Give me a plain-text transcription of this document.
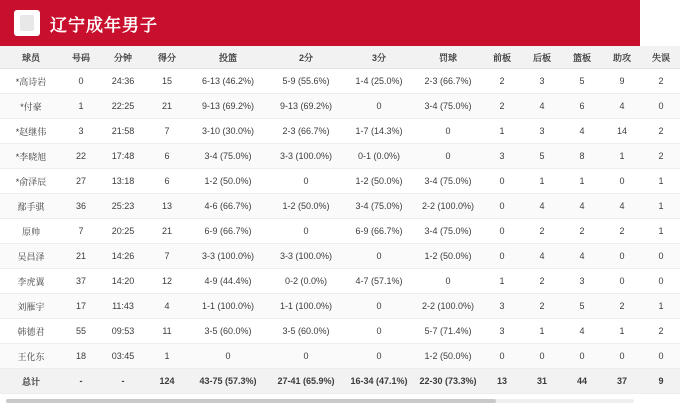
辽宁成年男子
球员	号码	分钟	得分	投篮	2分	3分	罚球	前板	后板	篮板	助攻	失误
*高诗岩	0	24:36	15	6-13 (46.2%)	5-9 (55.6%)	1-4 (25.0%)	2-3 (66.7%)	2	3	5	9	2
*付豪	1	22:25	21	9-13 (69.2%)	9-13 (69.2%)	0	3-4 (75.0%)	2	4	6	4	0
*赵继伟	3	21:58	7	3-10 (30.0%)	2-3 (66.7%)	1-7 (14.3%)	0	1	3	4	14	2
*李晓旭	22	17:48	6	3-4 (75.0%)	3-3 (100.0%)	0-1 (0.0%)	0	3	5	8	1	2
*俞泽辰	27	13:18	6	1-2 (50.0%)	0	1-2 (50.0%)	3-4 (75.0%)	0	1	1	0	1
鄢手骐	36	25:23	13	4-6 (66.7%)	1-2 (50.0%)	3-4 (75.0%)	2-2 (100.0%)	0	4	4	4	1
原帅	7	20:25	21	6-9 (66.7%)	0	6-9 (66.7%)	3-4 (75.0%)	0	2	2	2	1
吴昌泽	21	14:26	7	3-3 (100.0%)	3-3 (100.0%)	0	1-2 (50.0%)	0	4	4	0	0
李虎翼	37	14:20	12	4-9 (44.4%)	0-2 (0.0%)	4-7 (57.1%)	0	1	2	3	0	0
刘雁宇	17	11:43	4	1-1 (100.0%)	1-1 (100.0%)	0	2-2 (100.0%)	3	2	5	2	1
韩德君	55	09:53	11	3-5 (60.0%)	3-5 (60.0%)	0	5-7 (71.4%)	3	1	4	1	2
王化东	18	03:45	1	0	0	0	1-2 (50.0%)	0	0	0	0	0
总计	-	-	124	43-75 (57.3%)	27-41 (65.9%)	16-34 (47.1%)	22-30 (73.3%)	13	31	44	37	9
